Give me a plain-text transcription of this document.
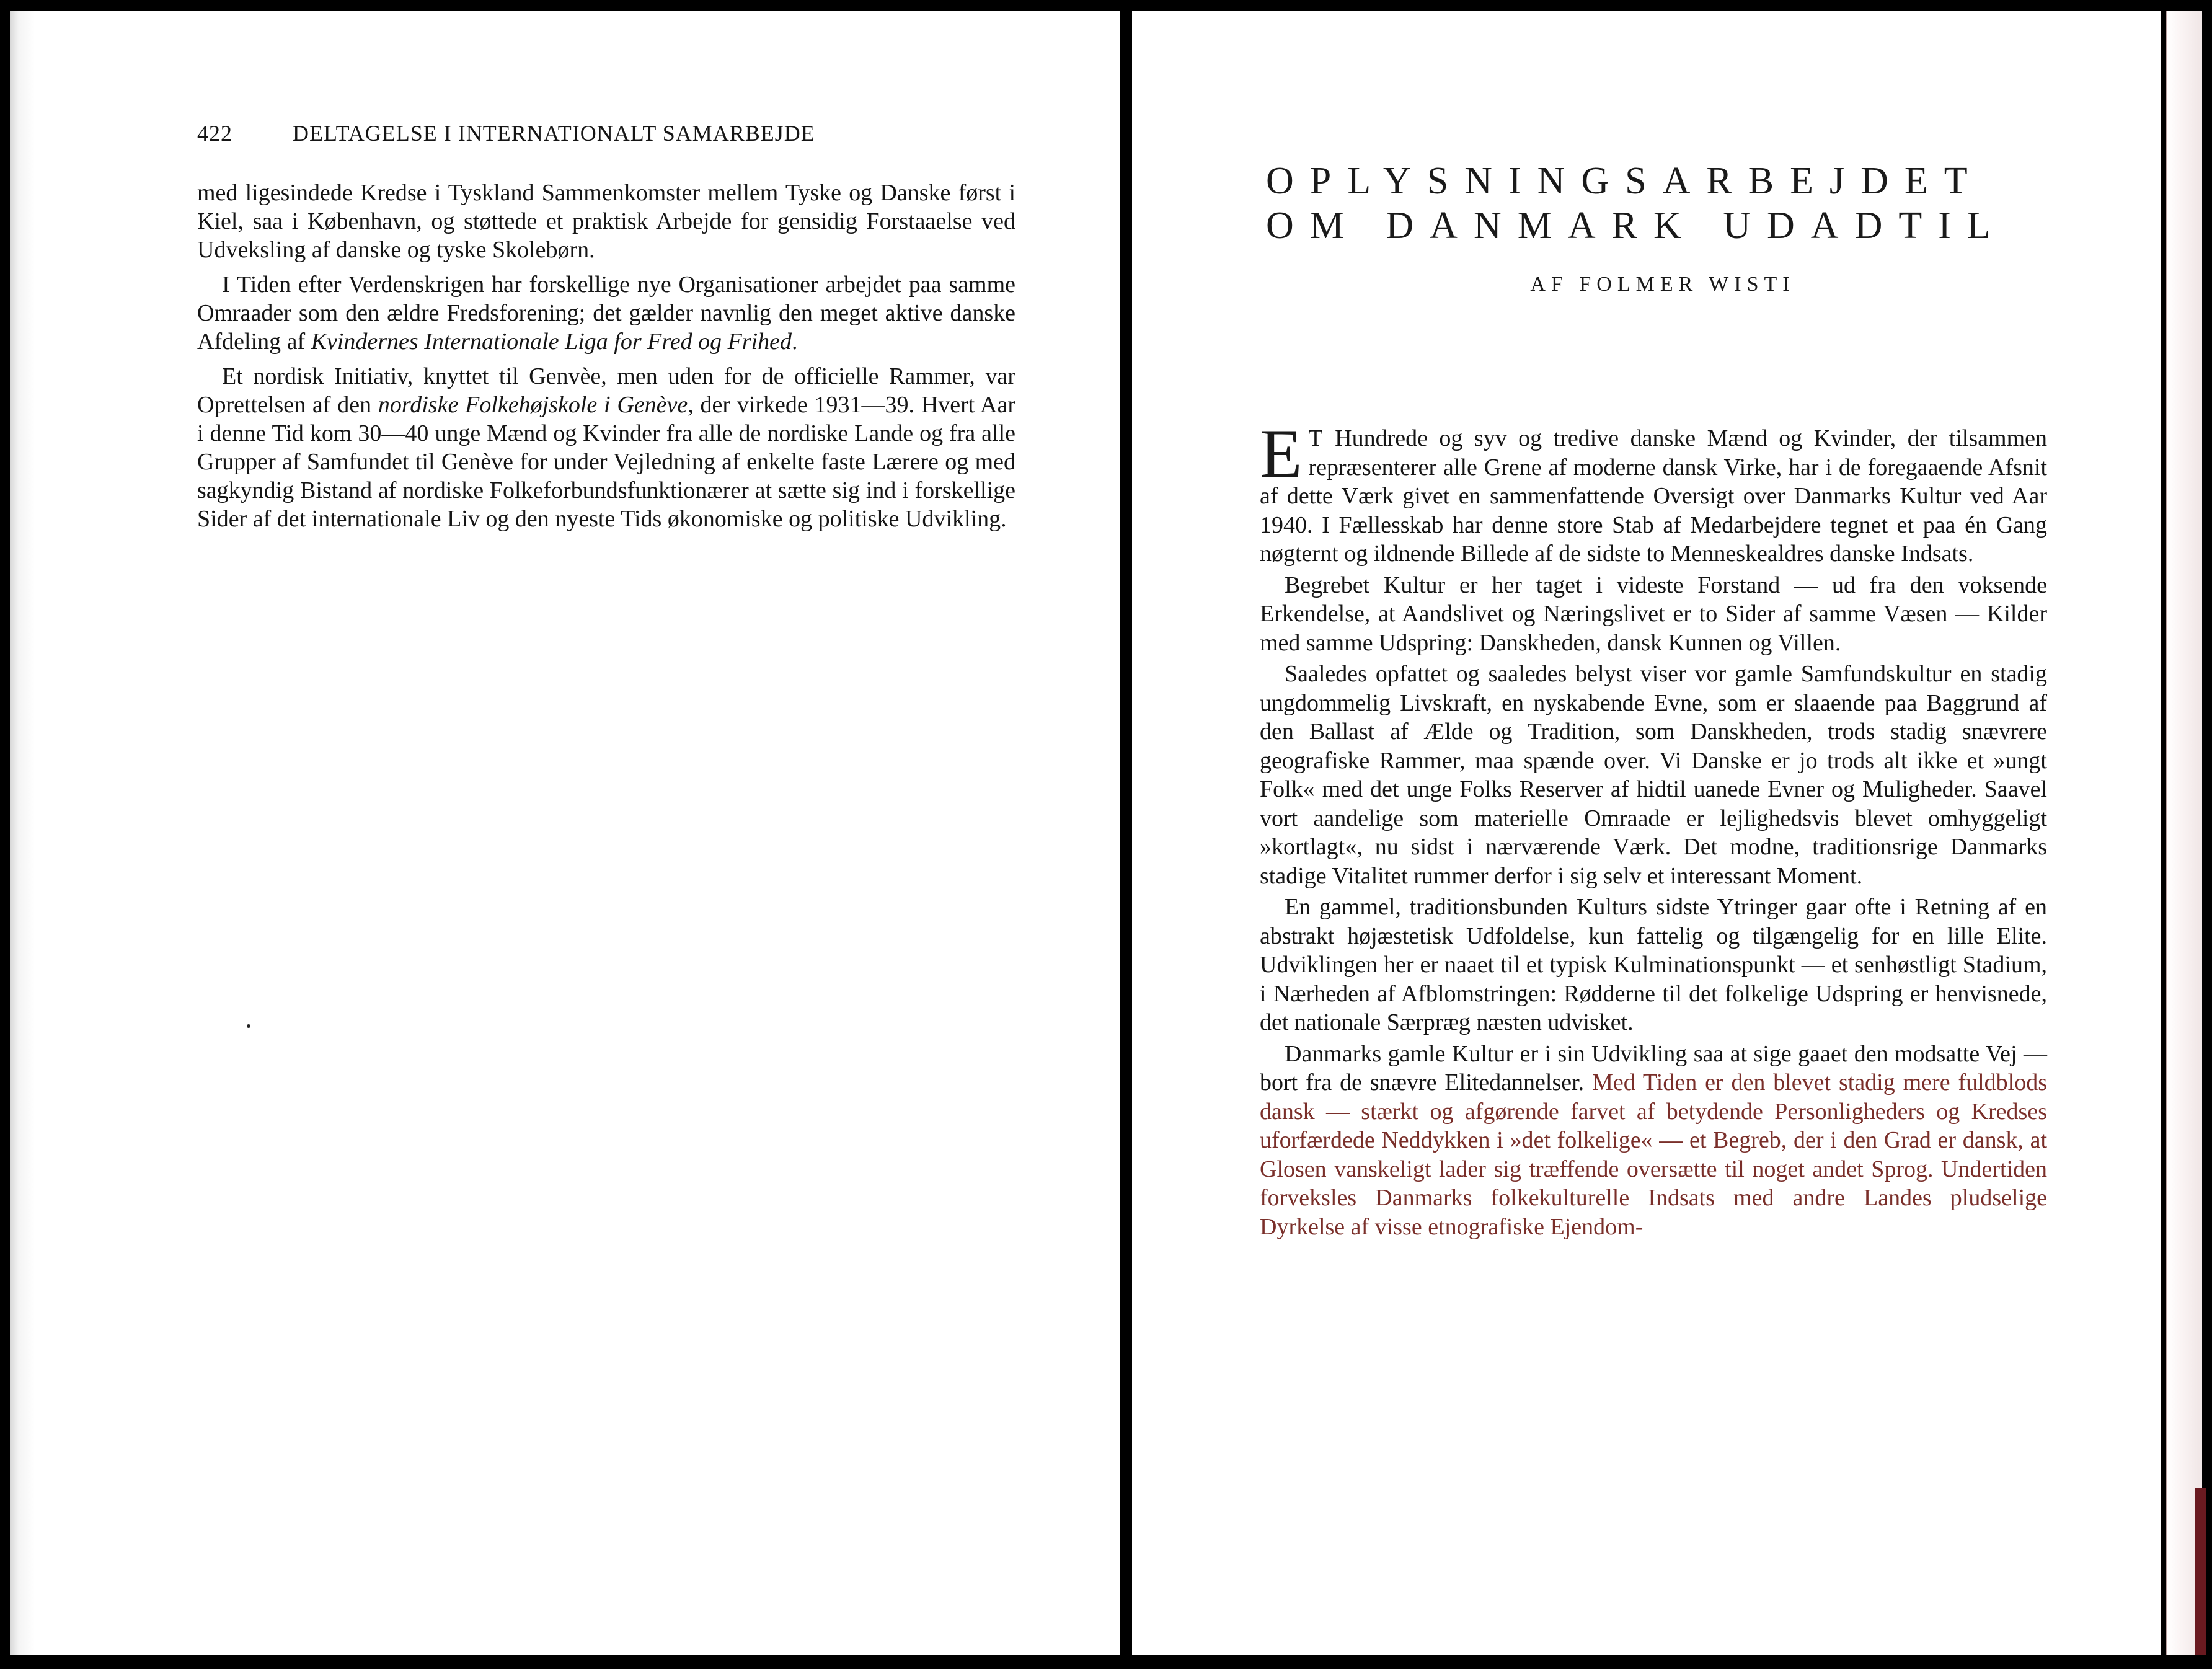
422	DELTAGELSE I INTERNATIONALT SAMARBEJDE

med ligesindede Kredse i Tyskland Sammenkomster mellem Tyske og Danske først i Kiel, saa i København, og støttede et praktisk Arbejde for gensidig Forstaaelse ved Udveksling af danske og tyske Skolebørn.

I Tiden efter Verdenskrigen har forskellige nye Organisationer arbejdet paa samme Omraader som den ældre Fredsforening; det gælder navnlig den meget aktive danske Afdeling af Kvindernes Internationale Liga for Fred og Frihed.

Et nordisk Initiativ, knyttet til Genvèe, men uden for de officielle Rammer, var Oprettelsen af den nordiske Folkehøjskole i Genève, der virkede 1931—39. Hvert Aar i denne Tid kom 30—40 unge Mænd og Kvinder fra alle de nordiske Lande og fra alle Grupper af Samfundet til Genève for under Vejledning af enkelte faste Lærere og med sagkyndig Bistand af nordiske Folkeforbundsfunktionærer at sætte sig ind i forskellige Sider af det internationale Liv og den nyeste Tids økonomiske og politiske Udvikling.

OPLYSNINGSARBEJDET
OM DANMARK UDADTIL
AF FOLMER WISTI

E T Hundrede og syv og tredive danske Mænd og Kvinder, der tilsammen repræsenterer alle Grene af moderne dansk Virke, har i de foregaaende Afsnit af dette Værk givet en sammenfattende Oversigt over Danmarks Kultur ved Aar 1940. I Fællesskab har denne store Stab af Medarbejdere tegnet et paa én Gang nøgternt og ildnende Billede af de sidste to Menneskealdres danske Indsats.

Begrebet Kultur er her taget i videste Forstand — ud fra den voksende Erkendelse, at Aandslivet og Næringslivet er to Sider af samme Væsen — Kilder med samme Udspring: Danskheden, dansk Kunnen og Villen.

Saaledes opfattet og saaledes belyst viser vor gamle Samfundskultur en stadig ungdommelig Livskraft, en nyskabende Evne, som er slaaende paa Baggrund af den Ballast af Ælde og Tradition, som Danskheden, trods stadig snævrere geografiske Rammer, maa spænde over. Vi Danske er jo trods alt ikke et »ungt Folk« med det unge Folks Reserver af hidtil uanede Evner og Muligheder. Saavel vort aandelige som materielle Omraade er lejlighedsvis blevet omhyggeligt »kortlagt«, nu sidst i nærværende Værk. Det modne, traditionsrige Danmarks stadige Vitalitet rummer derfor i sig selv et interessant Moment.

En gammel, traditionsbunden Kulturs sidste Ytringer gaar ofte i Retning af en abstrakt højæstetisk Udfoldelse, kun fattelig og tilgængelig for en lille Elite. Udviklingen her er naaet til et typisk Kulminationspunkt — et senhøstligt Stadium, i Nærheden af Afblomstringen: Rødderne til det folkelige Udspring er henvisnede, det nationale Særpræg næsten udvisket.

Danmarks gamle Kultur er i sin Udvikling saa at sige gaaet den modsatte Vej — bort fra de snævre Elitedannelser. Med Tiden er den blevet stadig mere fuldblods dansk — stærkt og afgørende farvet af betydende Personligheders og Kredses uforfærdede Neddykken i »det folkelige« — et Begreb, der i den Grad er dansk, at Glosen vanskeligt lader sig træffende oversætte til noget andet Sprog. Undertiden forveksles Danmarks folkekulturelle Indsats med andre Landes pludselige Dyrkelse af visse etnografiske Ejendom-
